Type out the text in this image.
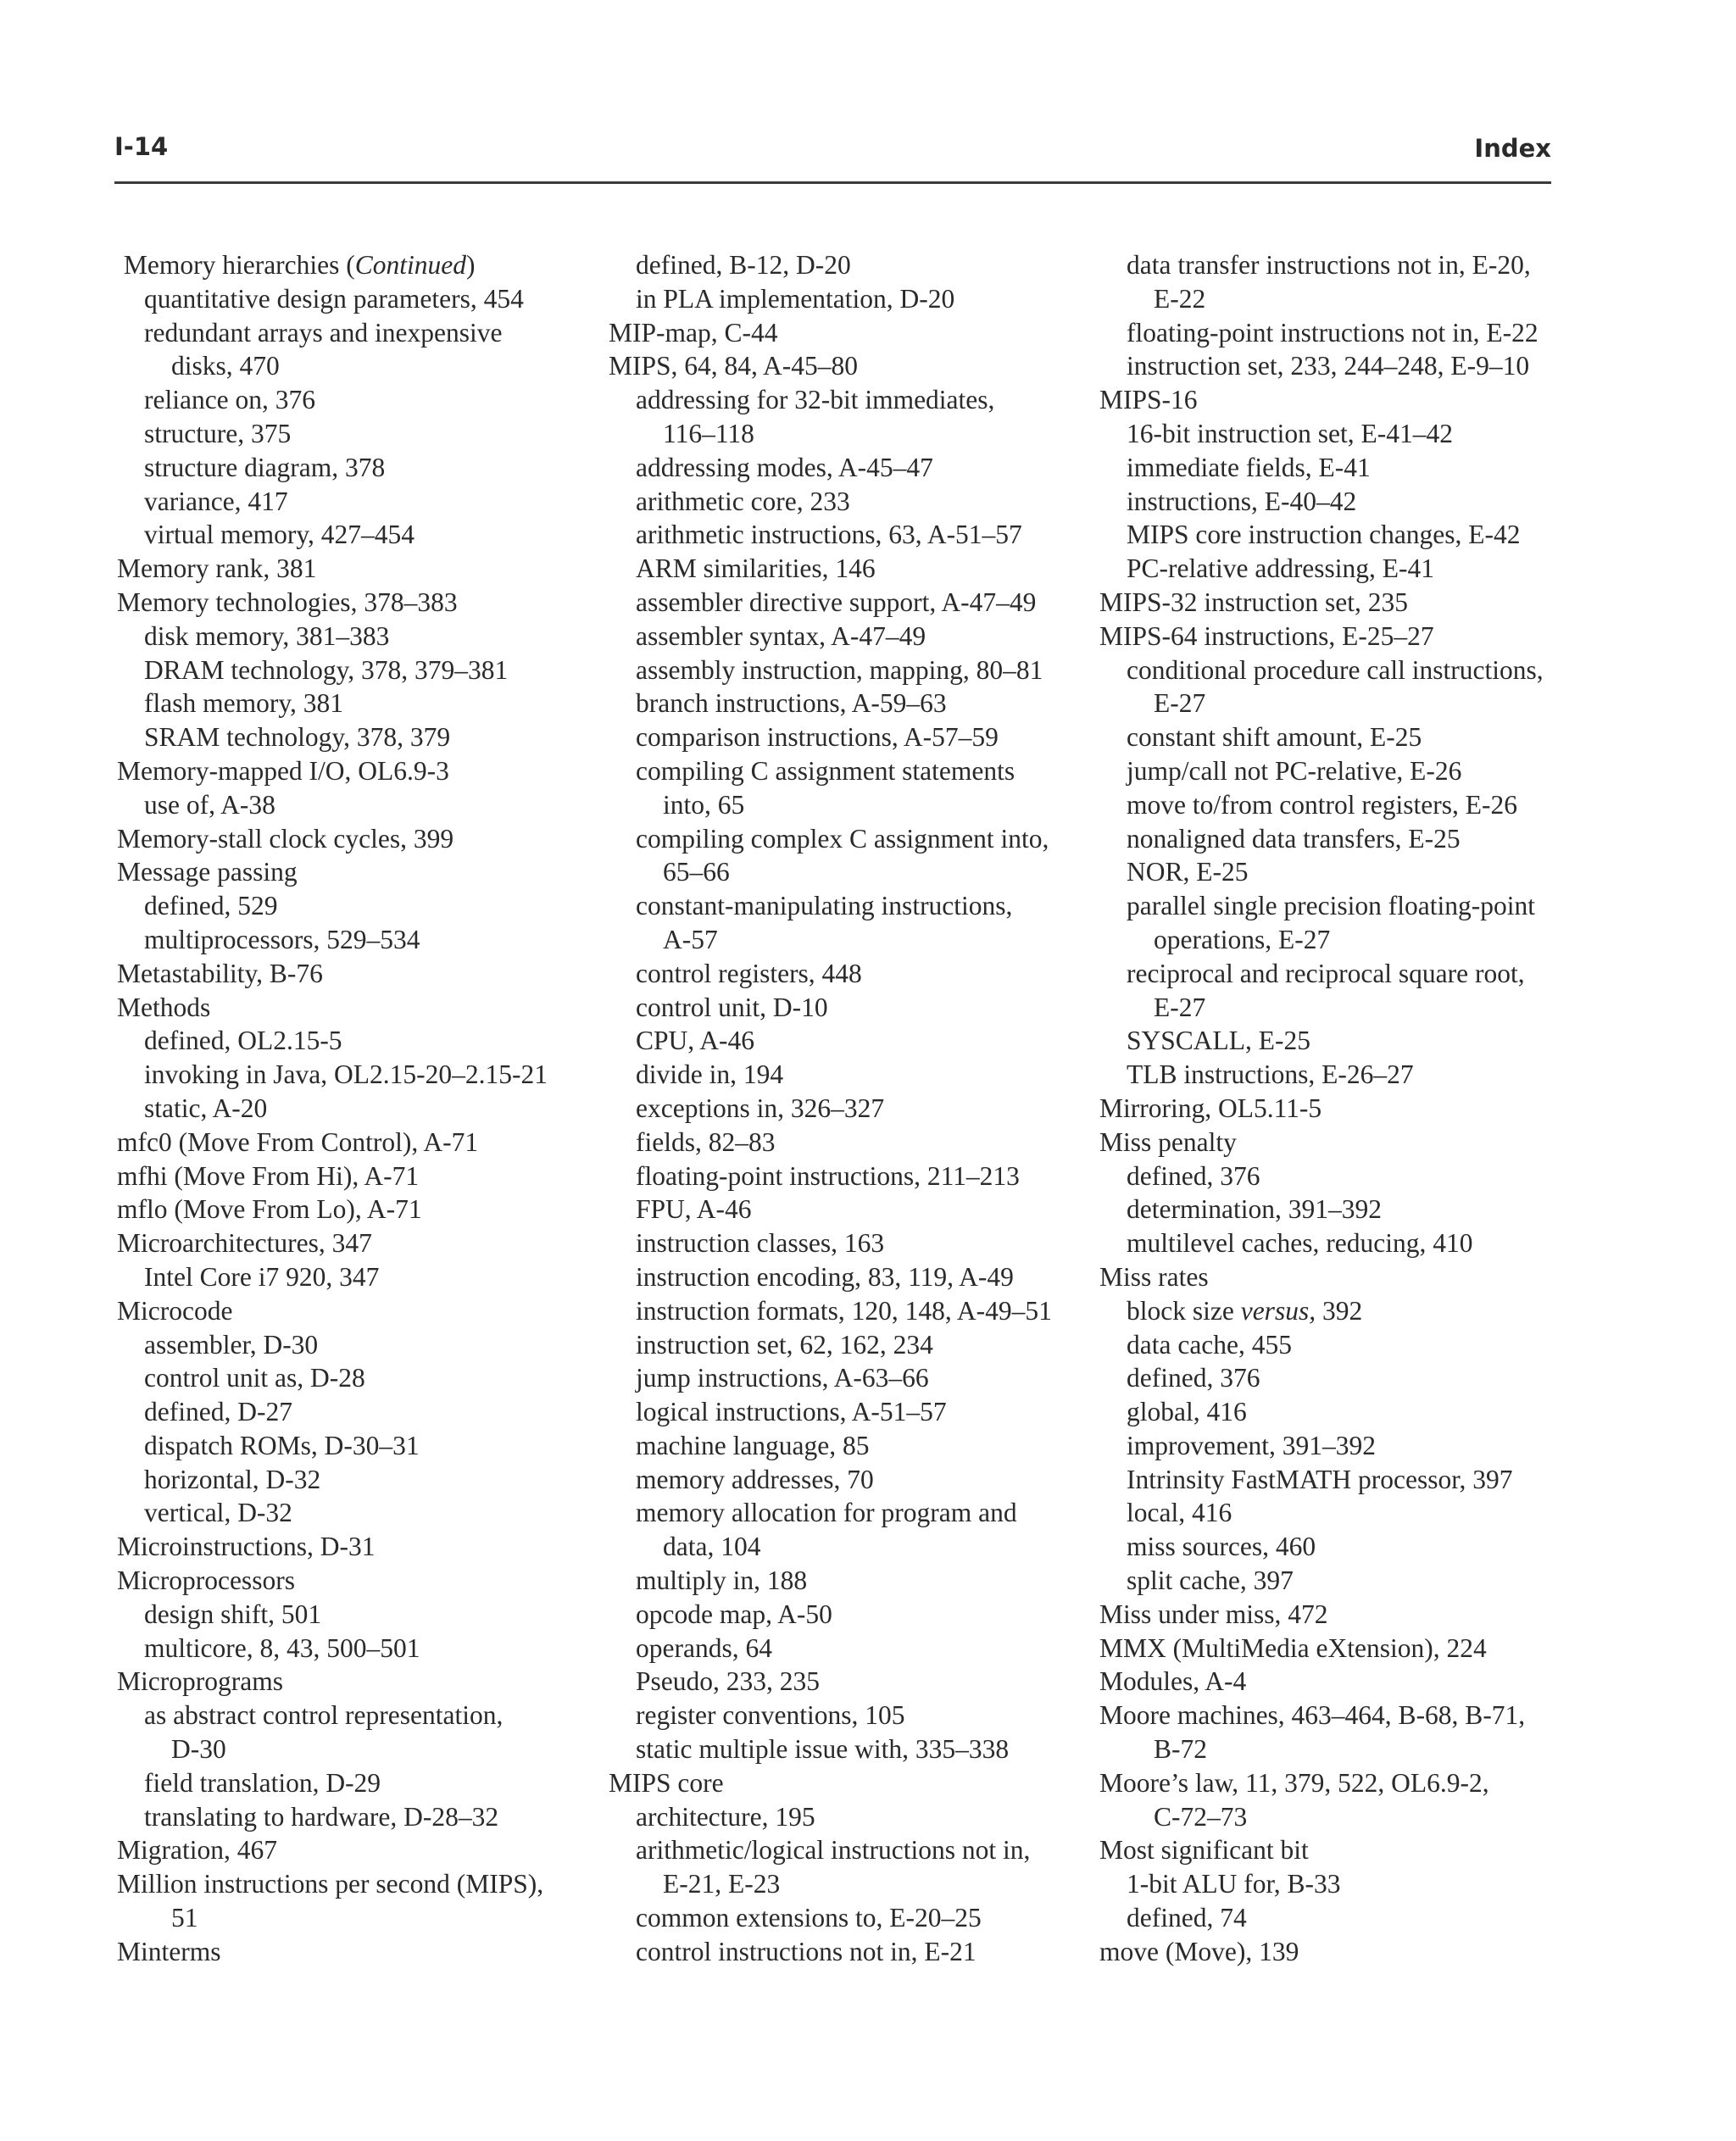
I-14	Index
Memory hierarchies (Continued)
quantitative design parameters, 454
redundant arrays and inexpensive
disks, 470
reliance on, 376
structure, 375
structure diagram, 378
variance, 417
virtual memory, 427–454
Memory rank, 381
Memory technologies, 378–383
disk memory, 381–383
DRAM technology, 378, 379–381
flash memory, 381
SRAM technology, 378, 379
Memory-mapped I/O, OL6.9-3
use of, A-38
Memory-stall clock cycles, 399
Message passing
defined, 529
multiprocessors, 529–534
Metastability, B-76
Methods
defined, OL2.15-5
invoking in Java, OL2.15-20–2.15-21
static, A-20
mfc0 (Move From Control), A-71
mfhi (Move From Hi), A-71
mflo (Move From Lo), A-71
Microarchitectures, 347
Intel Core i7 920, 347
Microcode
assembler, D-30
control unit as, D-28
defined, D-27
dispatch ROMs, D-30–31
horizontal, D-32
vertical, D-32
Microinstructions, D-31
Microprocessors
design shift, 501
multicore, 8, 43, 500–501
Microprograms
as abstract control representation,
D-30
field translation, D-29
translating to hardware, D-28–32
Migration, 467
Million instructions per second (MIPS),
51
Minterms
defined, B-12, D-20
in PLA implementation, D-20
MIP-map, C-44
MIPS, 64, 84, A-45–80
addressing for 32-bit immediates,
116–118
addressing modes, A-45–47
arithmetic core, 233
arithmetic instructions, 63, A-51–57
ARM similarities, 146
assembler directive support, A-47–49
assembler syntax, A-47–49
assembly instruction, mapping, 80–81
branch instructions, A-59–63
comparison instructions, A-57–59
compiling C assignment statements
into, 65
compiling complex C assignment into,
65–66
constant-manipulating instructions,
A-57
control registers, 448
control unit, D-10
CPU, A-46
divide in, 194
exceptions in, 326–327
fields, 82–83
floating-point instructions, 211–213
FPU, A-46
instruction classes, 163
instruction encoding, 83, 119, A-49
instruction formats, 120, 148, A-49–51
instruction set, 62, 162, 234
jump instructions, A-63–66
logical instructions, A-51–57
machine language, 85
memory addresses, 70
memory allocation for program and
data, 104
multiply in, 188
opcode map, A-50
operands, 64
Pseudo, 233, 235
register conventions, 105
static multiple issue with, 335–338
MIPS core
architecture, 195
arithmetic/logical instructions not in,
E-21, E-23
common extensions to, E-20–25
control instructions not in, E-21
data transfer instructions not in, E-20,
E-22
floating-point instructions not in, E-22
instruction set, 233, 244–248, E-9–10
MIPS-16
16-bit instruction set, E-41–42
immediate fields, E-41
instructions, E-40–42
MIPS core instruction changes, E-42
PC-relative addressing, E-41
MIPS-32 instruction set, 235
MIPS-64 instructions, E-25–27
conditional procedure call instructions,
E-27
constant shift amount, E-25
jump/call not PC-relative, E-26
move to/from control registers, E-26
nonaligned data transfers, E-25
NOR, E-25
parallel single precision floating-point
operations, E-27
reciprocal and reciprocal square root,
E-27
SYSCALL, E-25
TLB instructions, E-26–27
Mirroring, OL5.11-5
Miss penalty
defined, 376
determination, 391–392
multilevel caches, reducing, 410
Miss rates
block size versus, 392
data cache, 455
defined, 376
global, 416
improvement, 391–392
Intrinsity FastMATH processor, 397
local, 416
miss sources, 460
split cache, 397
Miss under miss, 472
MMX (MultiMedia eXtension), 224
Modules, A-4
Moore machines, 463–464, B-68, B-71,
B-72
Moore’s law, 11, 379, 522, OL6.9-2,
C-72–73
Most significant bit
1-bit ALU for, B-33
defined, 74
move (Move), 139
